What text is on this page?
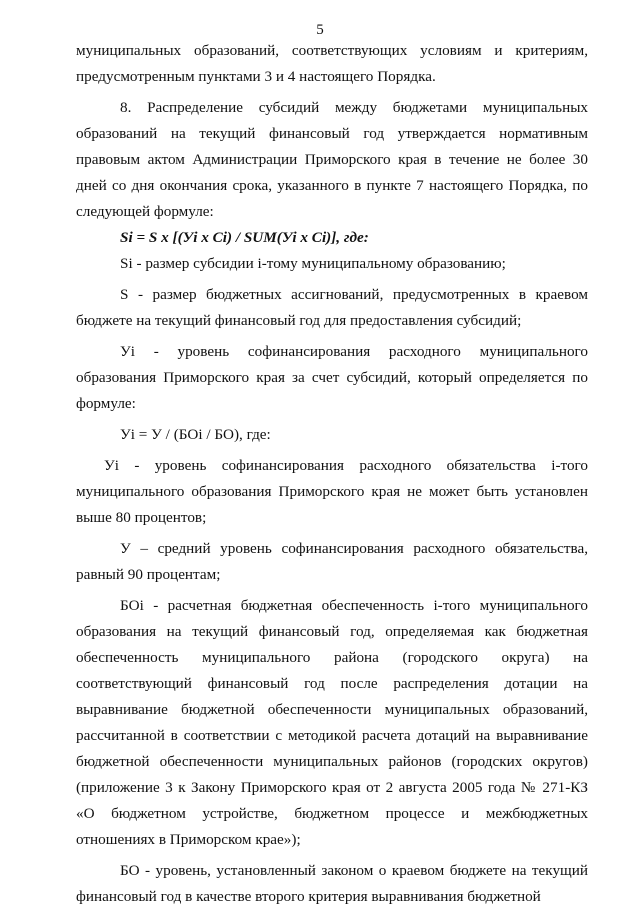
5

муниципальных образований, соответствующих условиям и критериям, предусмотренным пунктами 3 и 4 настоящего Порядка.

8. Распределение субсидий между бюджетами муниципальных образований на текущий финансовый год утверждается нормативным правовым актом Администрации Приморского края в течение не более 30 дней со дня окончания срока, указанного в пункте 7 настоящего Порядка, по следующей формуле:

Si = S x [(Уi x Ci) / SUM(Уi x Ci)], где:

Si - размер субсидии i-тому муниципальному образованию;

S - размер бюджетных ассигнований, предусмотренных в краевом бюджете на текущий финансовый год для предоставления субсидий;

Уi - уровень софинансирования расходного муниципального образования Приморского края за счет субсидий, который определяется по формуле:

Уi = У / (БОi / БО), где:

Уi - уровень софинансирования расходного обязательства i-того муниципального образования Приморского края не может быть установлен выше 80 процентов;

У – средний уровень софинансирования расходного обязательства, равный 90 процентам;

БОi - расчетная бюджетная обеспеченность i-того муниципального образования на текущий финансовый год, определяемая как бюджетная обеспеченность муниципального района (городского округа) на соответствующий финансовый год после распределения дотации на выравнивание бюджетной обеспеченности муниципальных образований, рассчитанной в соответствии с методикой расчета дотаций на выравнивание бюджетной обеспеченности муниципальных районов (городских округов) (приложение 3 к Закону Приморского края от 2 августа 2005 года № 271-КЗ «О бюджетном устройстве, бюджетном процессе и межбюджетных отношениях в Приморском крае»);

БО - уровень, установленный законом о краевом бюджете на текущий финансовый год в качестве второго критерия выравнивания бюджетной
